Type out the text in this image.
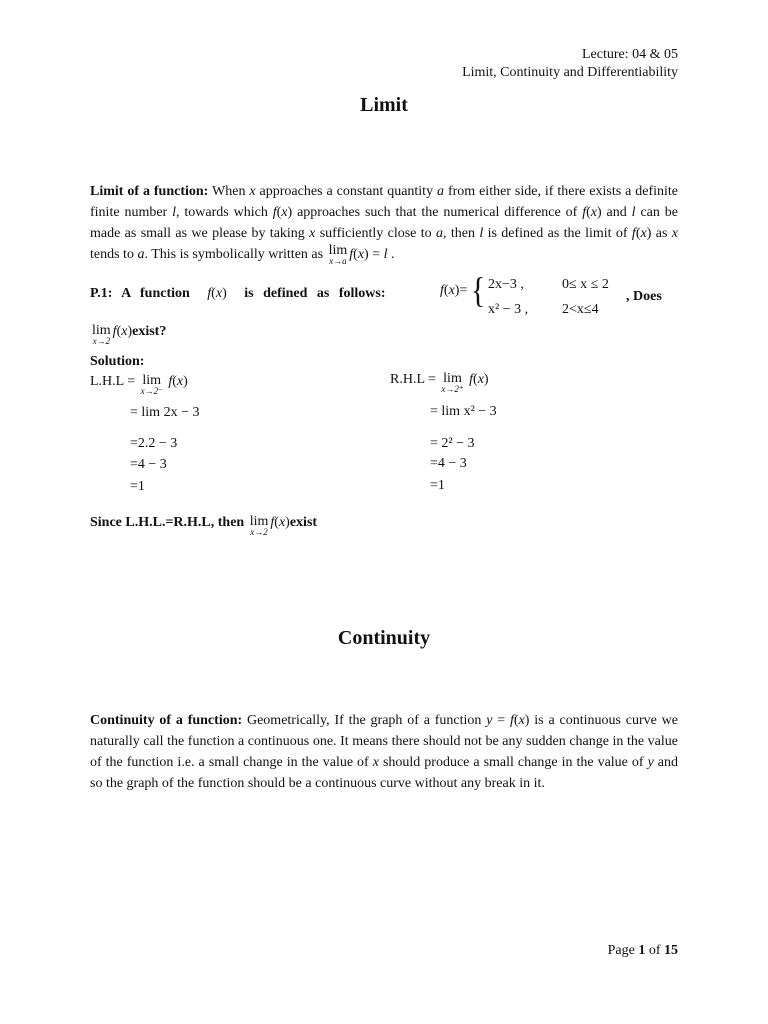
Lecture: 04 & 05
Limit, Continuity and Differentiability
Limit
Limit of a function: When x approaches a constant quantity a from either side, if there exists a definite finite number l, towards which f(x) approaches such that the numerical difference of f(x) and l can be made as small as we please by taking x sufficiently close to a, then l is defined as the limit of f(x) as x tends to a. This is symbolically written as lim
x→a f(x) = l .
P.1: A function f(x) is defined as follows:	f(x)= { 2x−3 ,	0≤ x ≤ 2
x² − 3 , 2<x≤4
, Does
lim
x→2
f(x)exist?
Solution:
L.H.L = lim
x→2⁻
f(x)
= lim 2x − 3
=2.2 − 3
=4 − 3
=1
R.H.L = lim
x→2⁺
f(x)
= lim x² − 3
= 2² − 3
=4 − 3
=1
Since L.H.L.=R.H.L, then lim
x→2
f(x)exist
Continuity
Continuity of a function: Geometrically, If the graph of a function y = f(x) is a continuous curve we naturally call the function a continuous one. It means there should not be any sudden change in the value of the function i.e. a small change in the value of x should produce a small change in the value of y and so the graph of the function should be a continuous curve without any break in it.
Page 1 of 15
